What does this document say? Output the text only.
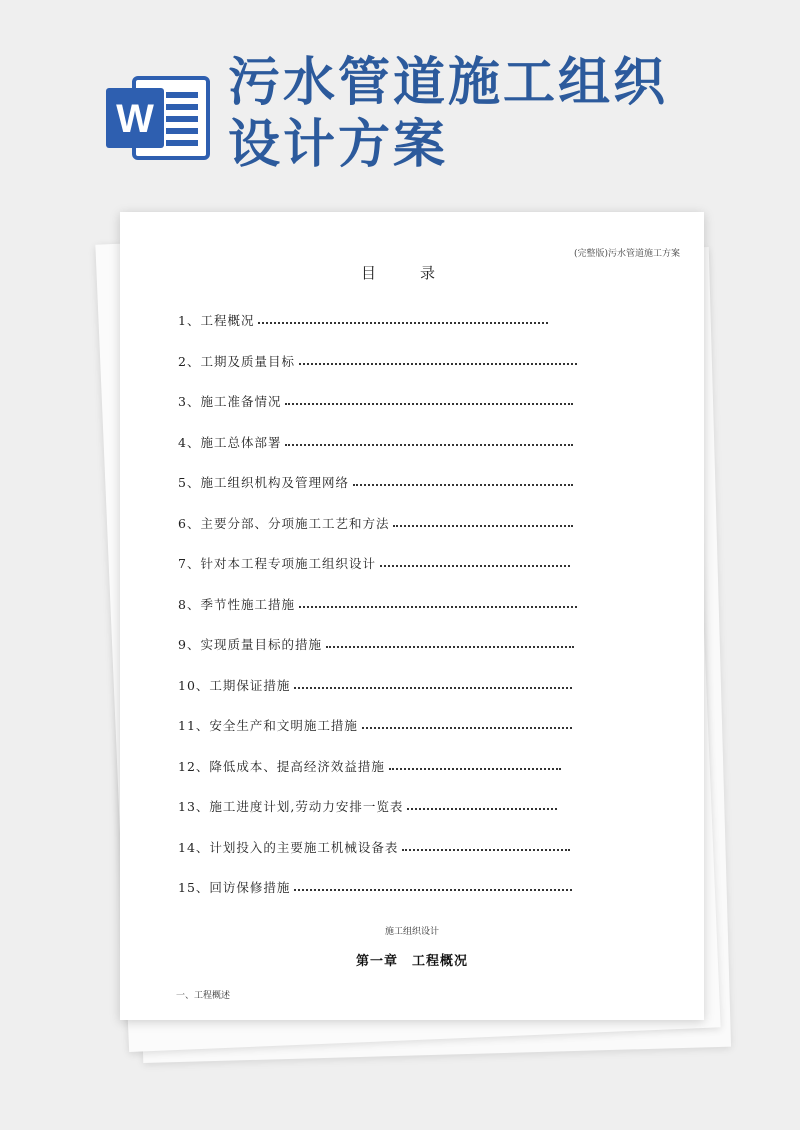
W
污水管道施工组织
设计方案
(完整版)污水管道施工方案
目	录
1、工程概况
2、工期及质量目标
3、施工准备情况
4、施工总体部署
5、施工组织机构及管理网络
6、主要分部、分项施工工艺和方法
7、针对本工程专项施工组织设计
8、季节性施工措施
9、实现质量目标的措施
10、工期保证措施
11、安全生产和文明施工措施
12、降低成本、提高经济效益措施
13、施工进度计划,劳动力安排一览表
14、计划投入的主要施工机械设备表
15、回访保修措施
施工组织设计
第一章　工程概况
一、工程概述
